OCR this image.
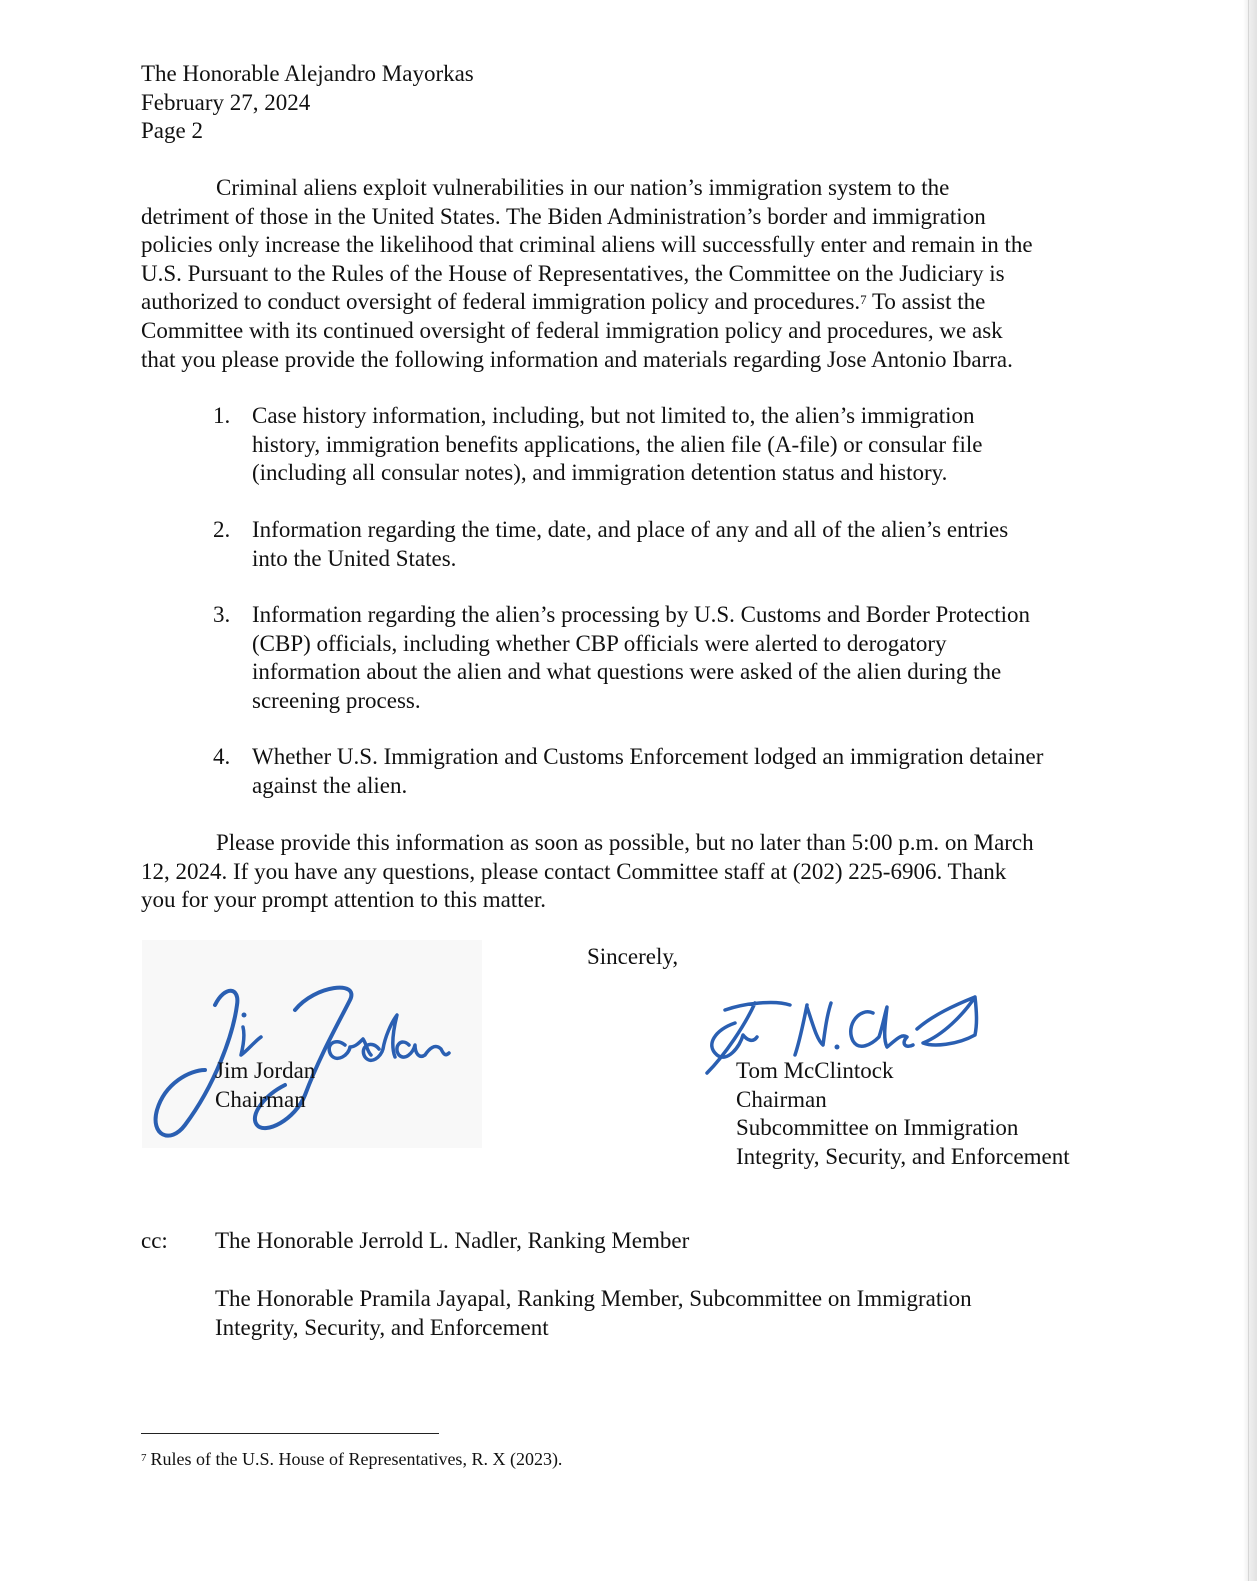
The Honorable Alejandro Mayorkas
February 27, 2024
Page 2
Criminal aliens exploit vulnerabilities in our nation’s immigration system to the
detriment of those in the United States. The Biden Administration’s border and immigration
policies only increase the likelihood that criminal aliens will successfully enter and remain in the
U.S. Pursuant to the Rules of the House of Representatives, the Committee on the Judiciary is
authorized to conduct oversight of federal immigration policy and procedures.$^7$ To assist the
Committee with its continued oversight of federal immigration policy and procedures, we ask
that you please provide the following information and materials regarding Jose Antonio Ibarra.
1. Case history information, including, but not limited to, the alien’s immigration
history, immigration benefits applications, the alien file (A-file) or consular file
(including all consular notes), and immigration detention status and history.
2. Information regarding the time, date, and place of any and all of the alien’s entries
into the United States.
3. Information regarding the alien’s processing by U.S. Customs and Border Protection
(CBP) officials, including whether CBP officials were alerted to derogatory
information about the alien and what questions were asked of the alien during the
screening process.
4. Whether U.S. Immigration and Customs Enforcement lodged an immigration detainer
against the alien.
Please provide this information as soon as possible, but no later than 5:00 p.m. on March
12, 2024. If you have any questions, please contact Committee staff at (202) 225-6906. Thank
you for your prompt attention to this matter.
Sincerely,
Jim Jordan
Chairman
Tom McClintock
Chairman
Subcommittee on Immigration
Integrity, Security, and Enforcement
cc: The Honorable Jerrold L. Nadler, Ranking Member
The Honorable Pramila Jayapal, Ranking Member, Subcommittee on Immigration
Integrity, Security, and Enforcement
$^7$ Rules of the U.S. House of Representatives, R. X (2023).
